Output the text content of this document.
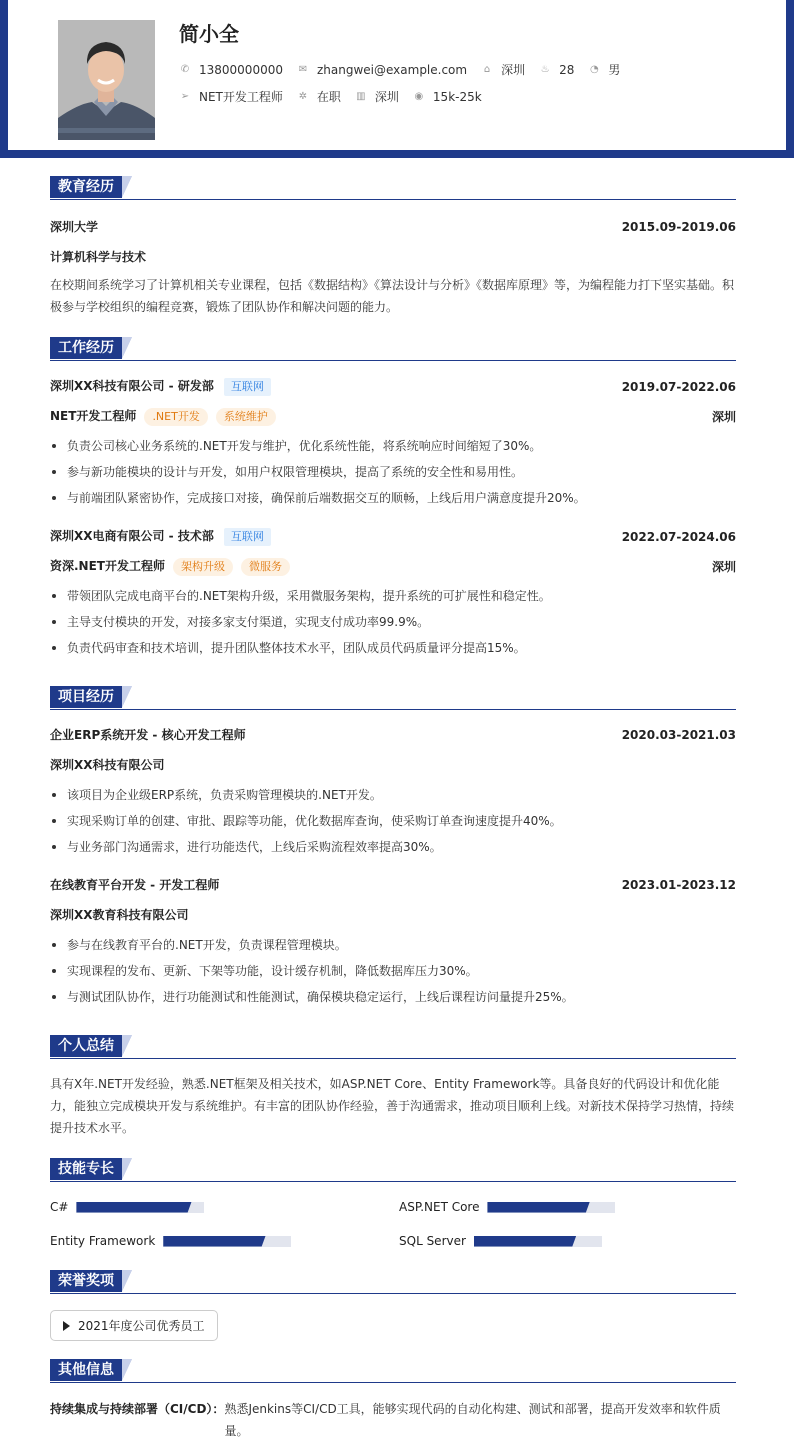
简小全
✆ 13800000000 ✉ zhangwei@example.com ⌂ 深圳 ♨ 28 ◔ 男
➢ NET开发工程师 ✲ 在职 ▥ 深圳 ◉ 15k-25k
教育经历
深圳大学	2015.09-2019.06
计算机科学与技术
在校期间系统学习了计算机相关专业课程，包括《数据结构》《算法设计与分析》《数据库原理》等，为编程能力打下坚实基础。积极参与学校组织的编程竞赛，锻炼了团队协作和解决问题的能力。
工作经历
深圳XX科技有限公司 - 研发部 互联网	2019.07-2022.06
NET开发工程师 .NET开发 系统维护	深圳
负责公司核心业务系统的.NET开发与维护，优化系统性能，将系统响应时间缩短了30%。
参与新功能模块的设计与开发，如用户权限管理模块，提高了系统的安全性和易用性。
与前端团队紧密协作，完成接口对接，确保前后端数据交互的顺畅，上线后用户满意度提升20%。
深圳XX电商有限公司 - 技术部 互联网	2022.07-2024.06
资深.NET开发工程师 架构升级 微服务	深圳
带领团队完成电商平台的.NET架构升级，采用微服务架构，提升系统的可扩展性和稳定性。
主导支付模块的开发，对接多家支付渠道，实现支付成功率99.9%。
负责代码审查和技术培训，提升团队整体技术水平，团队成员代码质量评分提高15%。
项目经历
企业ERP系统开发 - 核心开发工程师	2020.03-2021.03
深圳XX科技有限公司
该项目为企业级ERP系统，负责采购管理模块的.NET开发。
实现采购订单的创建、审批、跟踪等功能，优化数据库查询，使采购订单查询速度提升40%。
与业务部门沟通需求，进行功能迭代，上线后采购流程效率提高30%。
在线教育平台开发 - 开发工程师	2023.01-2023.12
深圳XX教育科技有限公司
参与在线教育平台的.NET开发，负责课程管理模块。
实现课程的发布、更新、下架等功能，设计缓存机制，降低数据库压力30%。
与测试团队协作，进行功能测试和性能测试，确保模块稳定运行，上线后课程访问量提升25%。
个人总结
具有X年.NET开发经验，熟悉.NET框架及相关技术，如ASP.NET Core、Entity Framework等。具备良好的代码设计和优化能力，能独立完成模块开发与系统维护。有丰富的团队协作经验，善于沟通需求，推动项目顺利上线。对新技术保持学习热情，持续提升技术水平。
技能专长
C#	ASP.NET Core
Entity Framework	SQL Server
荣誉奖项
2021年度公司优秀员工
其他信息
持续集成与持续部署（CI/CD）： 熟悉Jenkins等CI/CD工具，能够实现代码的自动化构建、测试和部署，提高开发效率和软件质量。
